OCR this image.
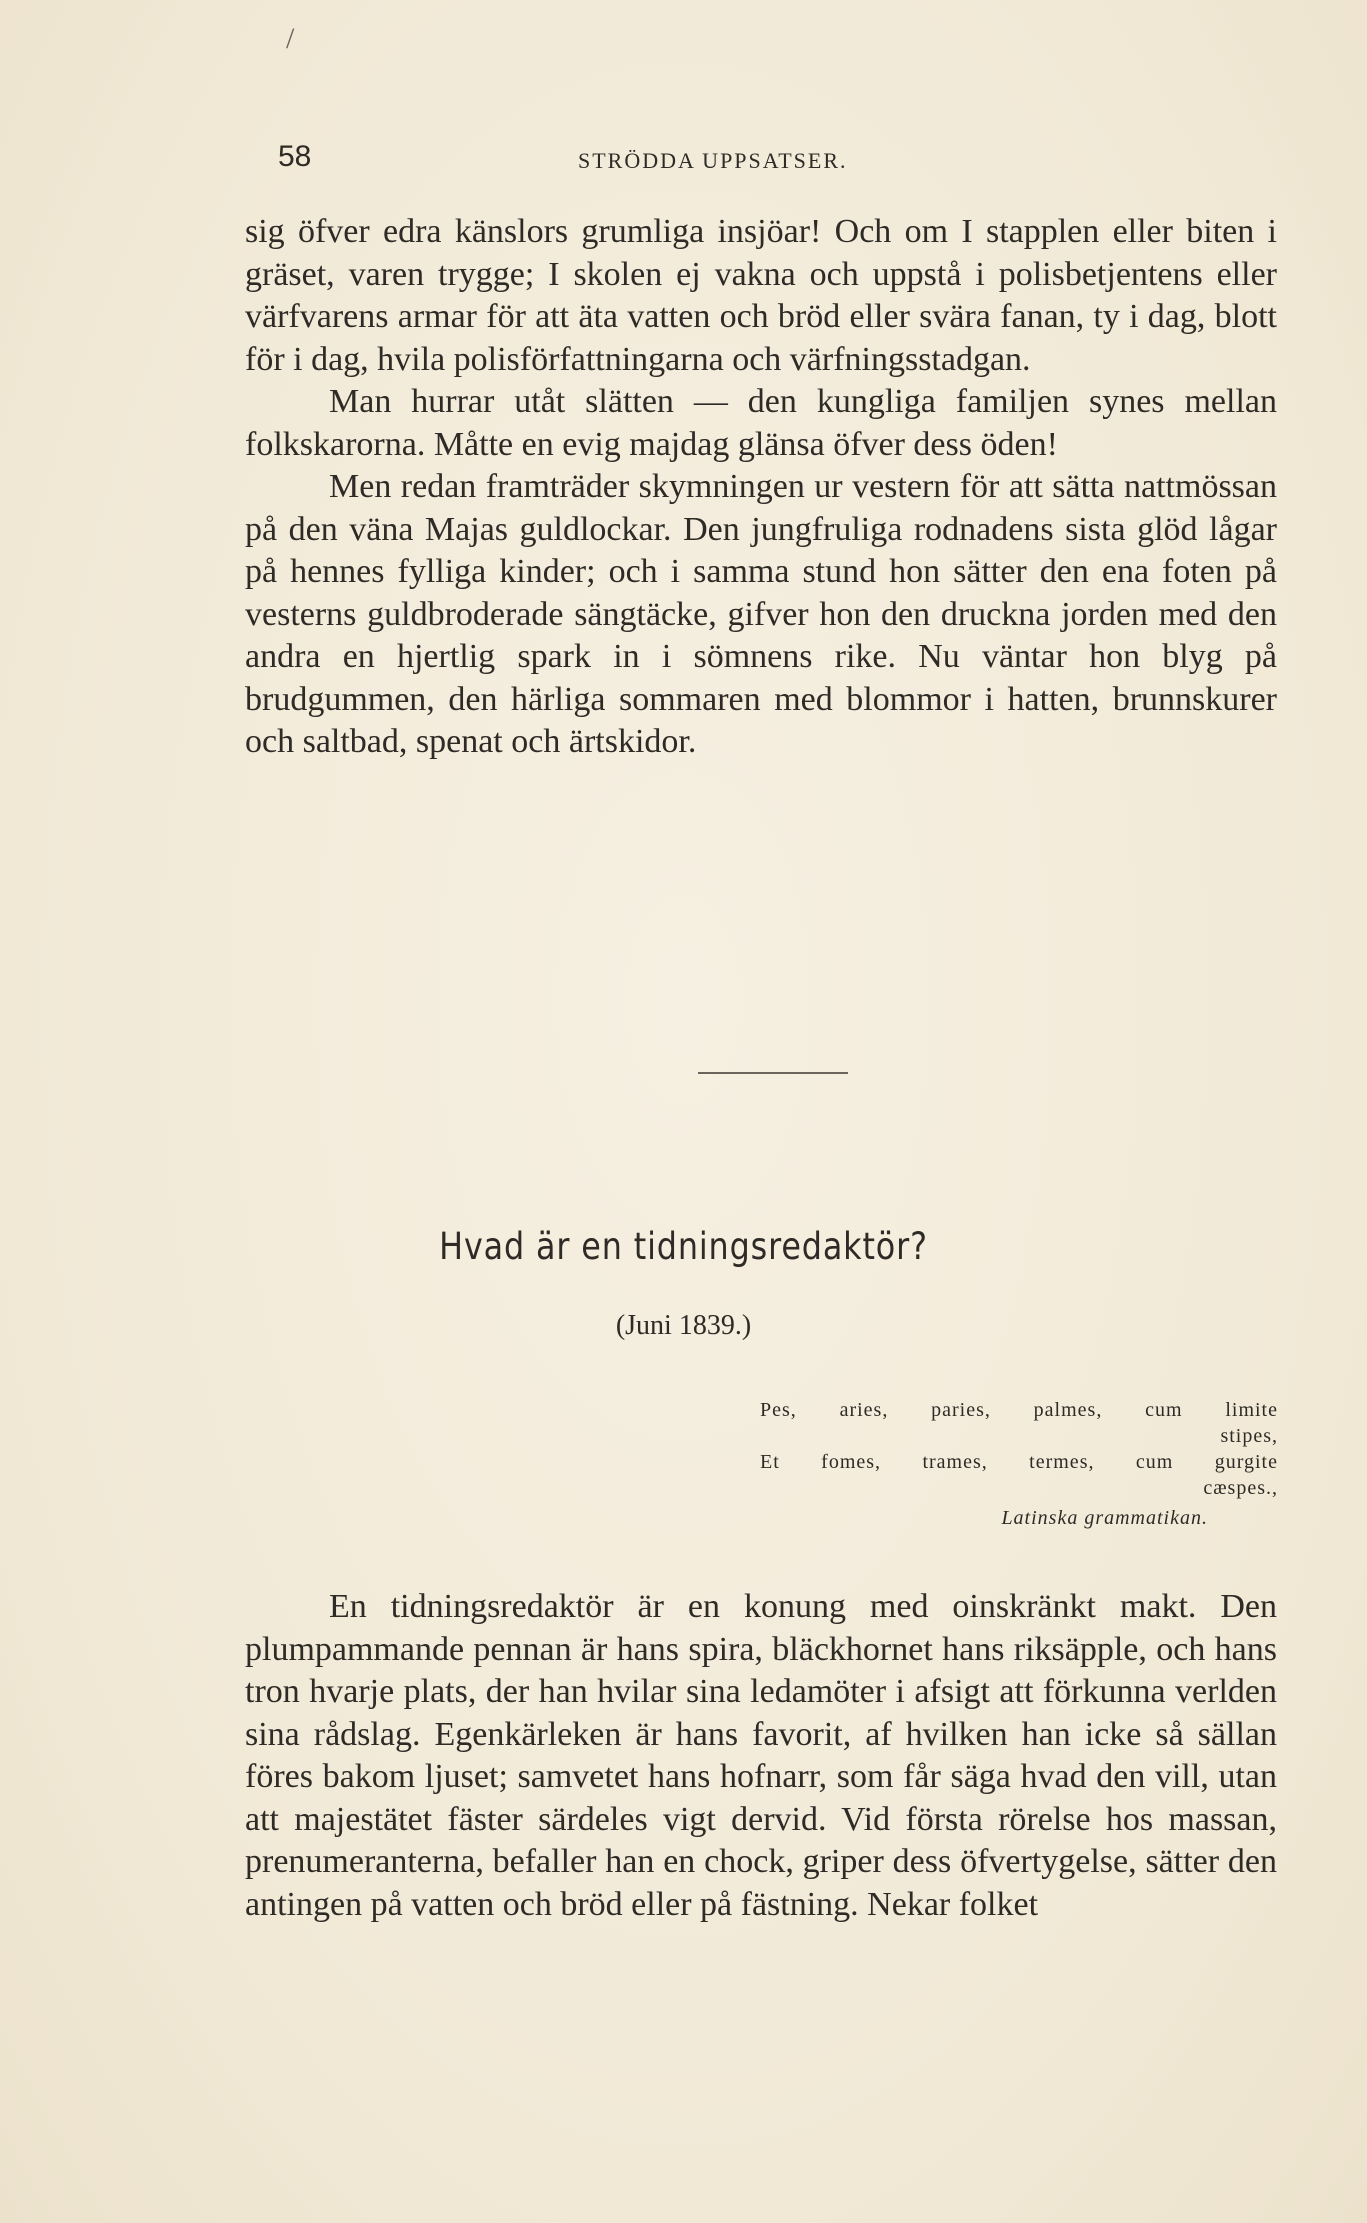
/
58	STRÖDDA UPPSATSER.

sig öfver edra känslors grumliga insjöar! Och om I stapplen eller biten i gräset, varen trygge; I skolen ej vakna och uppstå i polisbetjentens eller värfvarens armar för att äta vatten och bröd eller svära fanan, ty i dag, blott för i dag, hvila polisförfattningarna och värfningsstadgan.

Man hurrar utåt slätten — den kungliga familjen synes mellan folkskarorna. Måtte en evig majdag glänsa öfver dess öden!

Men redan framträder skymningen ur vestern för att sätta nattmössan på den väna Majas guldlockar. Den jungfruliga rodnadens sista glöd lågar på hennes fylliga kinder; och i samma stund hon sätter den ena foten på vesterns guldbroderade sängtäcke, gifver hon den druckna jorden med den andra en hjertlig spark in i sömnens rike. Nu väntar hon blyg på brudgummen, den härliga sommaren med blommor i hatten, brunnskurer och saltbad, spenat och ärtskidor.

Hvad är en tidningsredaktör?
(Juni 1839.)
Pes, aries, paries, palmes, cum limite
stipes,
Et fomes, trames, termes, cum gurgite
cæspes.,
Latinska grammatikan.

En tidningsredaktör är en konung med oinskränkt makt. Den plumpammande pennan är hans spira, bläckhornet hans riksäpple, och hans tron hvarje plats, der han hvilar sina ledamöter i afsigt att förkunna verlden sina rådslag. Egenkärleken är hans favorit, af hvilken han icke så sällan föres bakom ljuset; samvetet hans hofnarr, som får säga hvad den vill, utan att majestätet fäster särdeles vigt dervid. Vid första rörelse hos massan, prenumeranterna, befaller han en chock, griper dess öfvertygelse, sätter den antingen på vatten och bröd eller på fästning. Nekar folket
